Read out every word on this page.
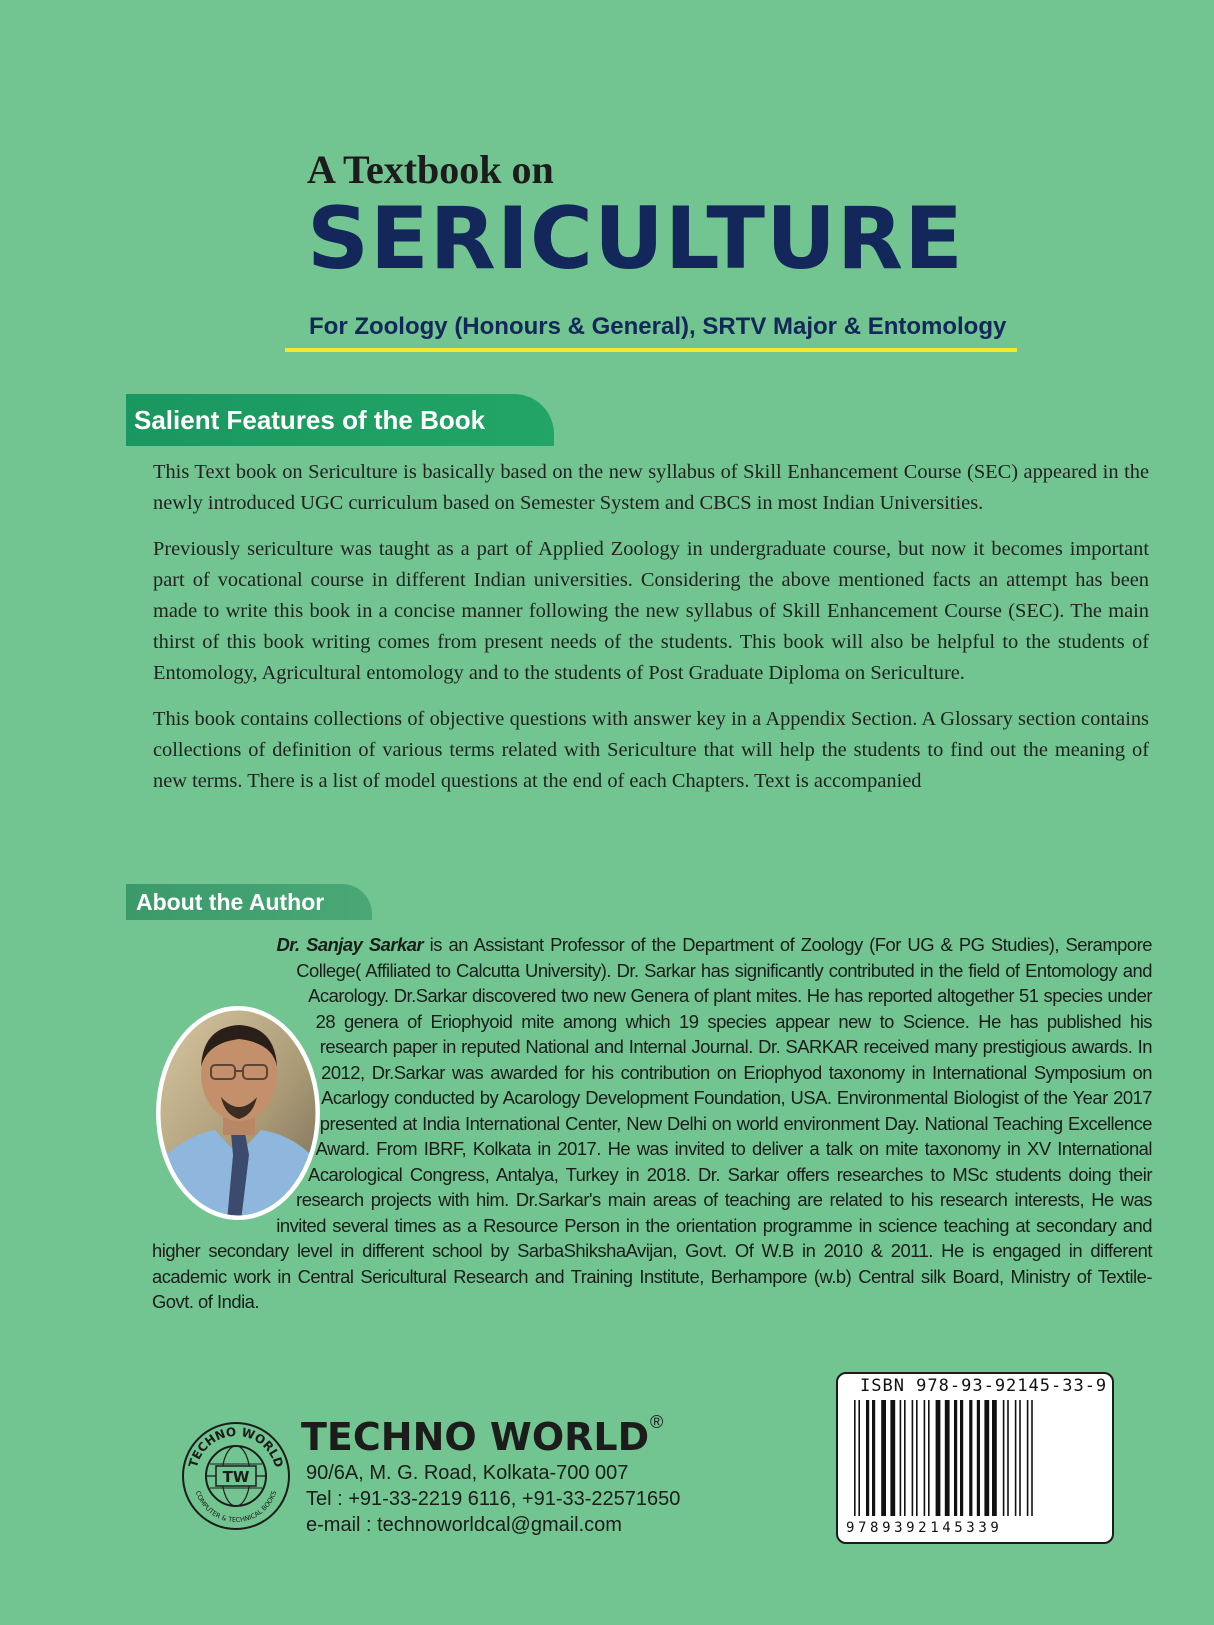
A Textbook on
SERICULTURE
For Zoology (Honours & General), SRTV Major & Entomology
Salient Features of the Book

This Text book on Sericulture is basically based on the new syllabus of Skill Enhancement Course (SEC) appeared in the newly introduced UGC curriculum based on Semester System and CBCS in most Indian Universities.

Previously sericulture was taught as a part of Applied Zoology in undergraduate course, but now it becomes important part of vocational course in different Indian universities. Considering the above mentioned facts an attempt has been made to write this book in a concise manner following the new syllabus of Skill Enhancement Course (SEC). The main thirst of this book writing comes from present needs of the students. This book will also be helpful to the students of Entomology, Agricultural entomology and to the students of Post Graduate Diploma on Sericulture.

This book contains collections of objective questions with answer key in a Appendix Section. A Glossary section contains collections of definition of various terms related with Sericulture that will help the students to find out the meaning of new terms. There is a list of model questions at the end of each Chapters. Text is accompanied

About the Author
Dr. Sanjay Sarkar is an Assistant Professor of the Department of Zoology (For UG & PG Studies), Serampore College( Affiliated to Calcutta University). Dr. Sarkar has significantly contributed in the field of Entomology and Acarology. Dr.Sarkar discovered two new Genera of plant mites. He has reported altogether 51 species under 28 genera of Eriophyoid mite among which 19 species appear new to Science. He has published his research paper in reputed National and Internal Journal. Dr. SARKAR received many prestigious awards. In 2012, Dr.Sarkar was awarded for his contribution on Eriophyod taxonomy in International Symposium on Acarlogy conducted by Acarology Development Foundation, USA. Environmental Biologist of the Year 2017 presented at India International Center, New Delhi on world environment Day. National Teaching Excellence Award. From IBRF, Kolkata in 2017. He was invited to deliver a talk on mite taxonomy in XV International Acarological Congress, Antalya, Turkey in 2018. Dr. Sarkar offers researches to MSc students doing their research projects with him. Dr.Sarkar's main areas of teaching are related to his research interests, He was invited several times as a Resource Person in the orientation programme in science teaching at secondary and higher secondary level in different school by SarbaShikshaAvijan, Govt. Of W.B in 2010 & 2011. He is engaged in different academic work in Central Sericultural Research and Training Institute, Berhampore (w.b) Central silk Board, Ministry of Textile-Govt. of India.
TW
TECHNO WORLD
COMPUTER & TECHNICAL BOOKS
TECHNO WORLD ®
90/6A, M. G. Road, Kolkata-700 007
Tel : +91-33-2219 6116, +91-33-22571650
e-mail : technoworldcal@gmail.com
ISBN 978-93-92145-33-9
9789392145339
